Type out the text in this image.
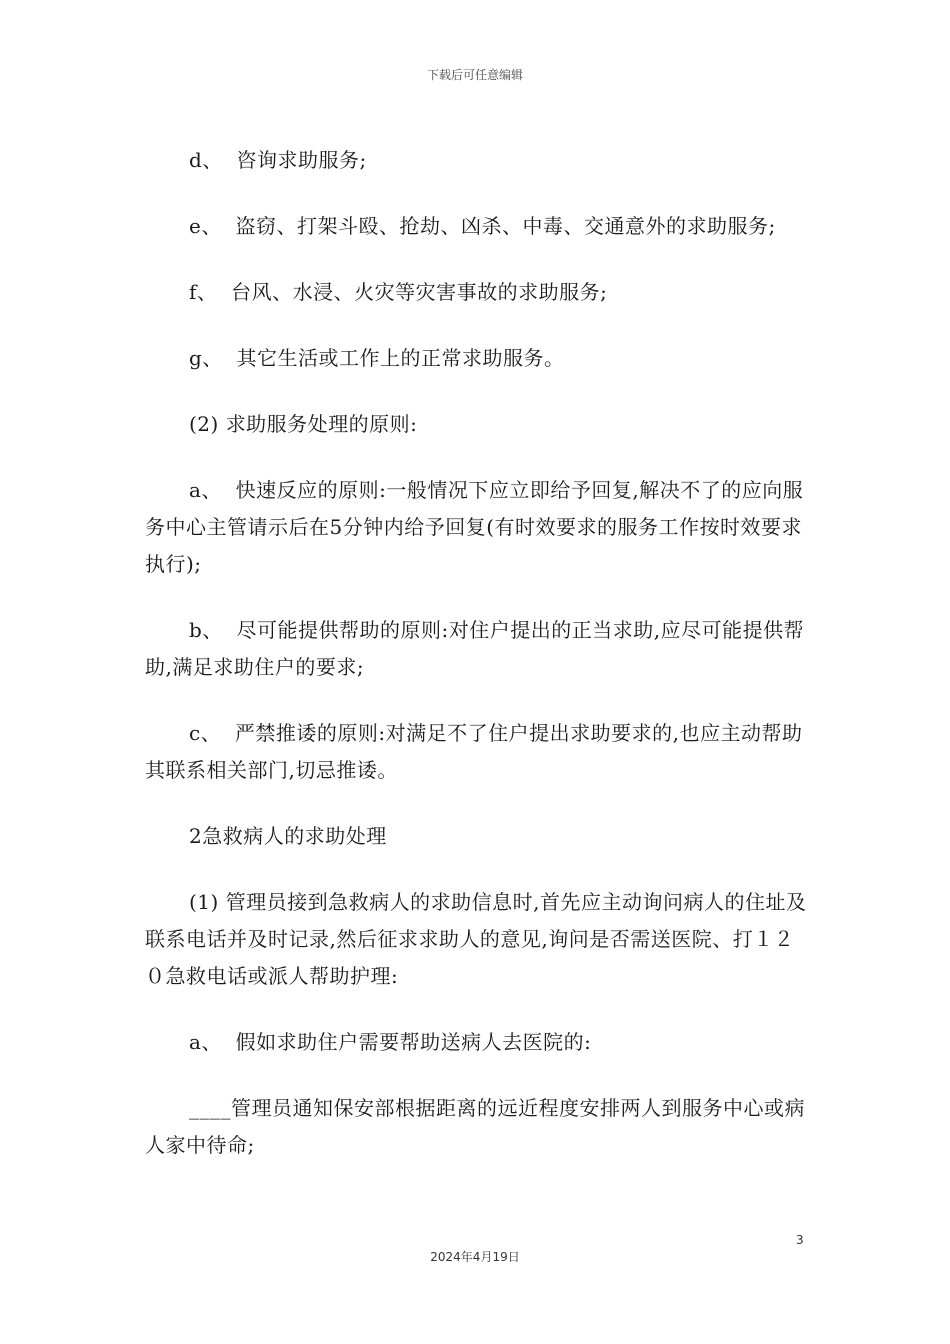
下载后可任意编辑

d、  咨询求助服务;

e、  盗窃、打架斗殴、抢劫、凶杀、中毒、交通意外的求助服务;

f、  台风、水浸、火灾等灾害事故的求助服务;

g、  其它生活或工作上的正常求助服务。

(2) 求助服务处理的原则:

a、  快速反应的原则:一般情况下应立即给予回复,解决不了的应向服务中心主管请示后在5分钟内给予回复(有时效要求的服务工作按时效要求执行);

b、  尽可能提供帮助的原则:对住户提出的正当求助,应尽可能提供帮助,满足求助住户的要求;

c、  严禁推诿的原则:对满足不了住户提出求助要求的,也应主动帮助其联系相关部门,切忌推诿。

2急救病人的求助处理

(1) 管理员接到急救病人的求助信息时,首先应主动询问病人的住址及联系电话并及时记录,然后征求求助人的意见,询问是否需送医院、打１２０急救电话或派人帮助护理:

a、  假如求助住户需要帮助送病人去医院的:

____管理员通知保安部根据距离的远近程度安排两人到服务中心或病人家中待命;

3
2024年4月19日
